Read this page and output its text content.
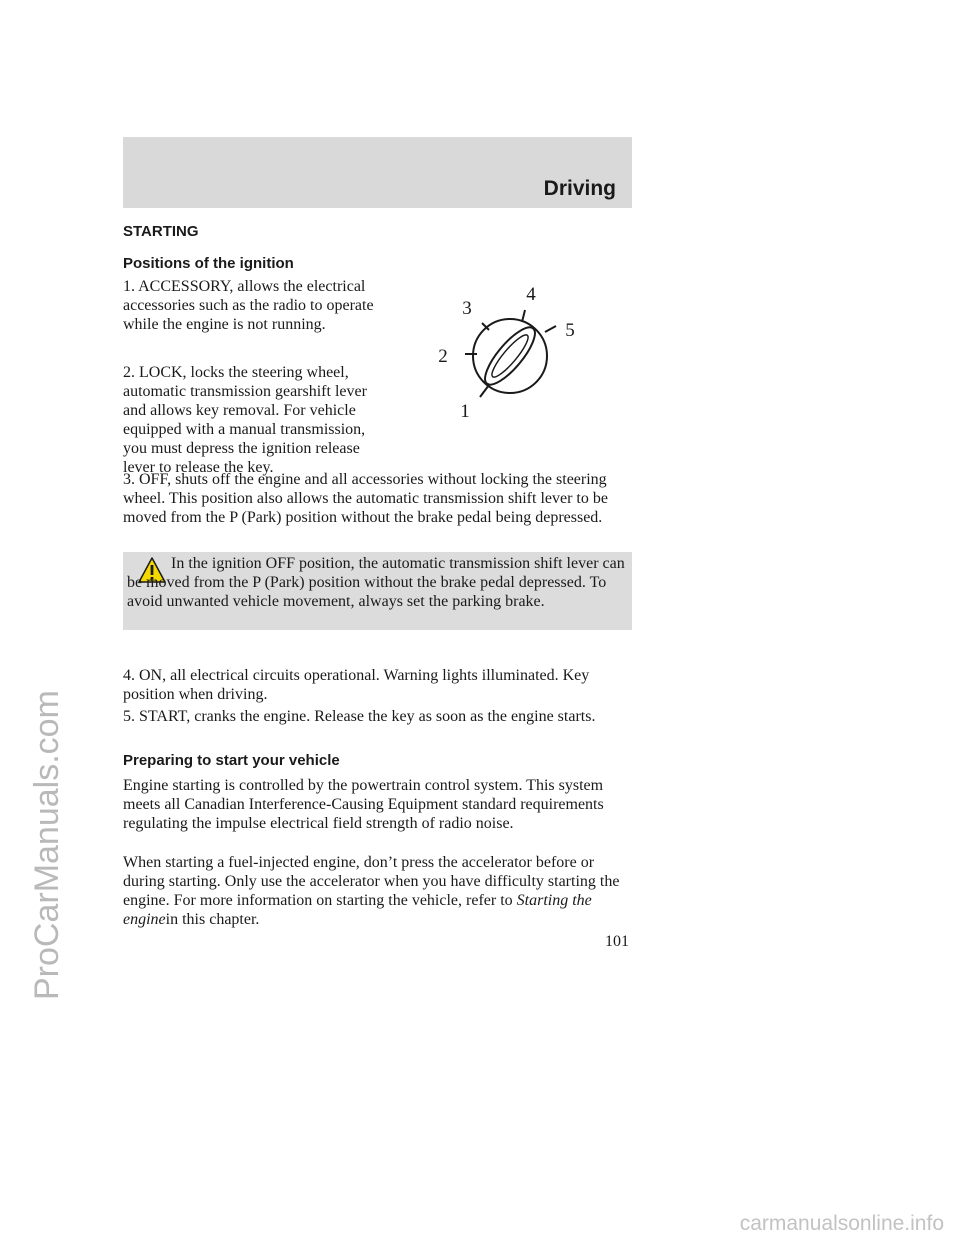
Driving
STARTING
Positions of the ignition

1. ACCESSORY, allows the electrical accessories such as the radio to operate while the engine is not running.

2. LOCK, locks the steering wheel, automatic transmission gearshift lever and allows key removal. For vehicle equipped with a manual transmission, you must depress the ignition release lever to release the key.

1
2
3
4
5

3. OFF, shuts off the engine and all accessories without locking the steering wheel. This position also allows the automatic transmission shift lever to be moved from the P (Park) position without the brake pedal being depressed.

In the ignition OFF position, the automatic transmission shift lever can be moved from the P (Park) position without the brake pedal depressed. To avoid unwanted vehicle movement, always set the parking brake.

4. ON, all electrical circuits operational. Warning lights illuminated. Key position when driving.

5. START, cranks the engine. Release the key as soon as the engine starts.

Preparing to start your vehicle

Engine starting is controlled by the powertrain control system. This system meets all Canadian Interference-Causing Equipment standard requirements regulating the impulse electrical field strength of radio noise.

When starting a fuel-injected engine, don’t press the accelerator before or during starting. Only use the accelerator when you have difficulty starting the engine. For more information on starting the vehicle, refer to Starting the enginein this chapter.

101
ProCarManuals.com
carmanualsonline.info
